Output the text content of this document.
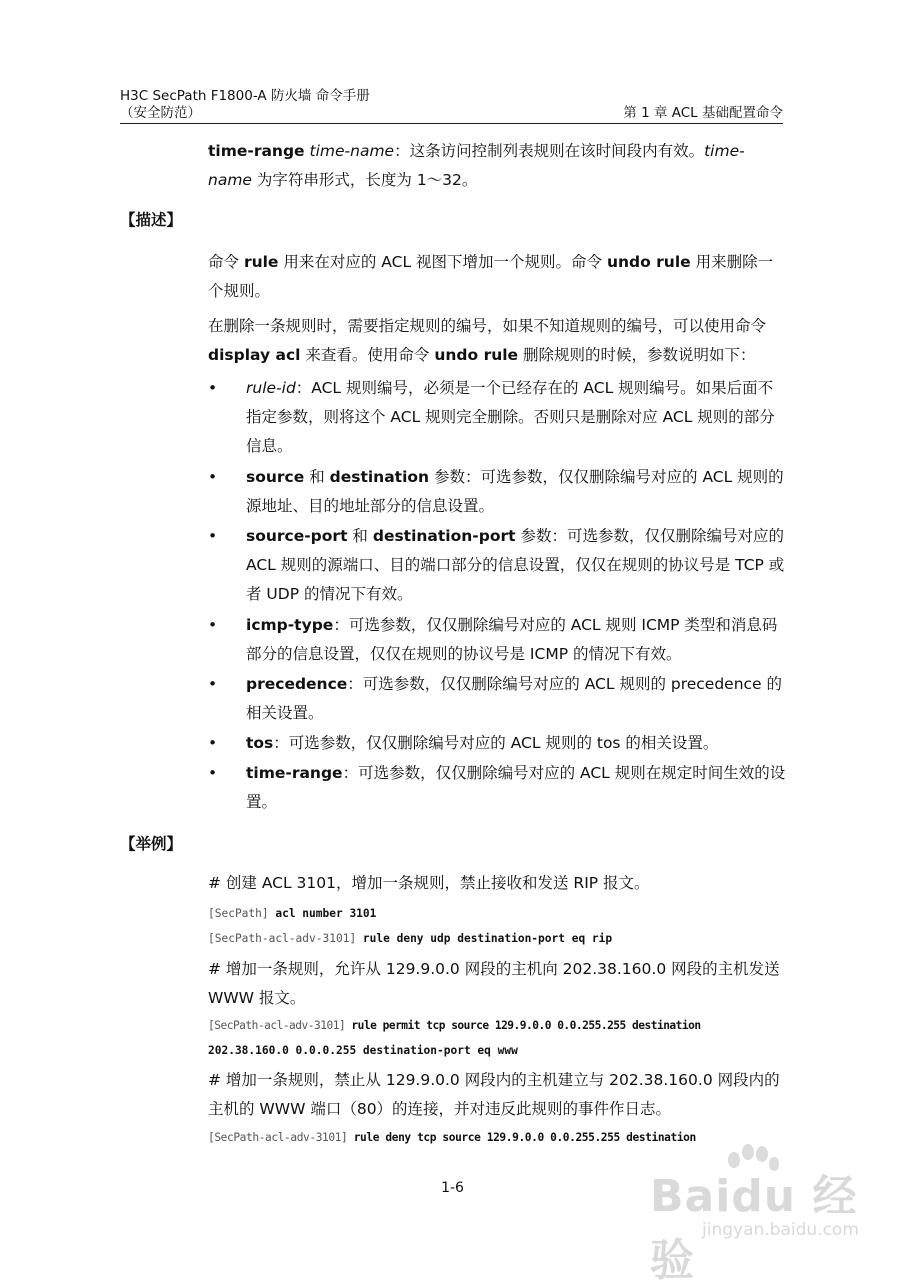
H3C SecPath F1800-A 防火墙 命令手册
（安全防范）	第 1 章 ACL 基础配置命令
time-range time-name：这条访问控制列表规则在该时间段内有效。time-name 为字符串形式，长度为 1～32。
【描述】
命令 rule 用来在对应的 ACL 视图下增加一个规则。命令 undo rule 用来删除一个规则。
在删除一条规则时，需要指定规则的编号，如果不知道规则的编号，可以使用命令 display acl 来查看。使用命令 undo rule 删除规则的时候，参数说明如下：
•	rule-id：ACL 规则编号，必须是一个已经存在的 ACL 规则编号。如果后面不指定参数，则将这个 ACL 规则完全删除。否则只是删除对应 ACL 规则的部分信息。
•	source 和 destination 参数：可选参数，仅仅删除编号对应的 ACL 规则的源地址、目的地址部分的信息设置。
•	source-port 和 destination-port 参数：可选参数，仅仅删除编号对应的 ACL 规则的源端口、目的端口部分的信息设置，仅仅在规则的协议号是 TCP 或者 UDP 的情况下有效。
•	icmp-type：可选参数，仅仅删除编号对应的 ACL 规则 ICMP 类型和消息码部分的信息设置，仅仅在规则的协议号是 ICMP 的情况下有效。
•	precedence：可选参数，仅仅删除编号对应的 ACL 规则的 precedence 的相关设置。
•	tos：可选参数，仅仅删除编号对应的 ACL 规则的 tos 的相关设置。
•	time-range：可选参数，仅仅删除编号对应的 ACL 规则在规定时间生效的设置。
【举例】
# 创建 ACL 3101，增加一条规则，禁止接收和发送 RIP 报文。
[SecPath] acl number 3101
[SecPath-acl-adv-3101] rule deny udp destination-port eq rip
# 增加一条规则，允许从 129.9.0.0 网段的主机向 202.38.160.0 网段的主机发送 WWW 报文。
[SecPath-acl-adv-3101] rule permit tcp source 129.9.0.0 0.0.255.255 destination
202.38.160.0 0.0.0.255 destination-port eq www
# 增加一条规则，禁止从 129.9.0.0 网段内的主机建立与 202.38.160.0 网段内的主机的 WWW 端口（80）的连接，并对违反此规则的事件作日志。
[SecPath-acl-adv-3101] rule deny tcp source 129.9.0.0 0.0.255.255 destination
1-6	Baidu 经验
jingyan.baidu.com
